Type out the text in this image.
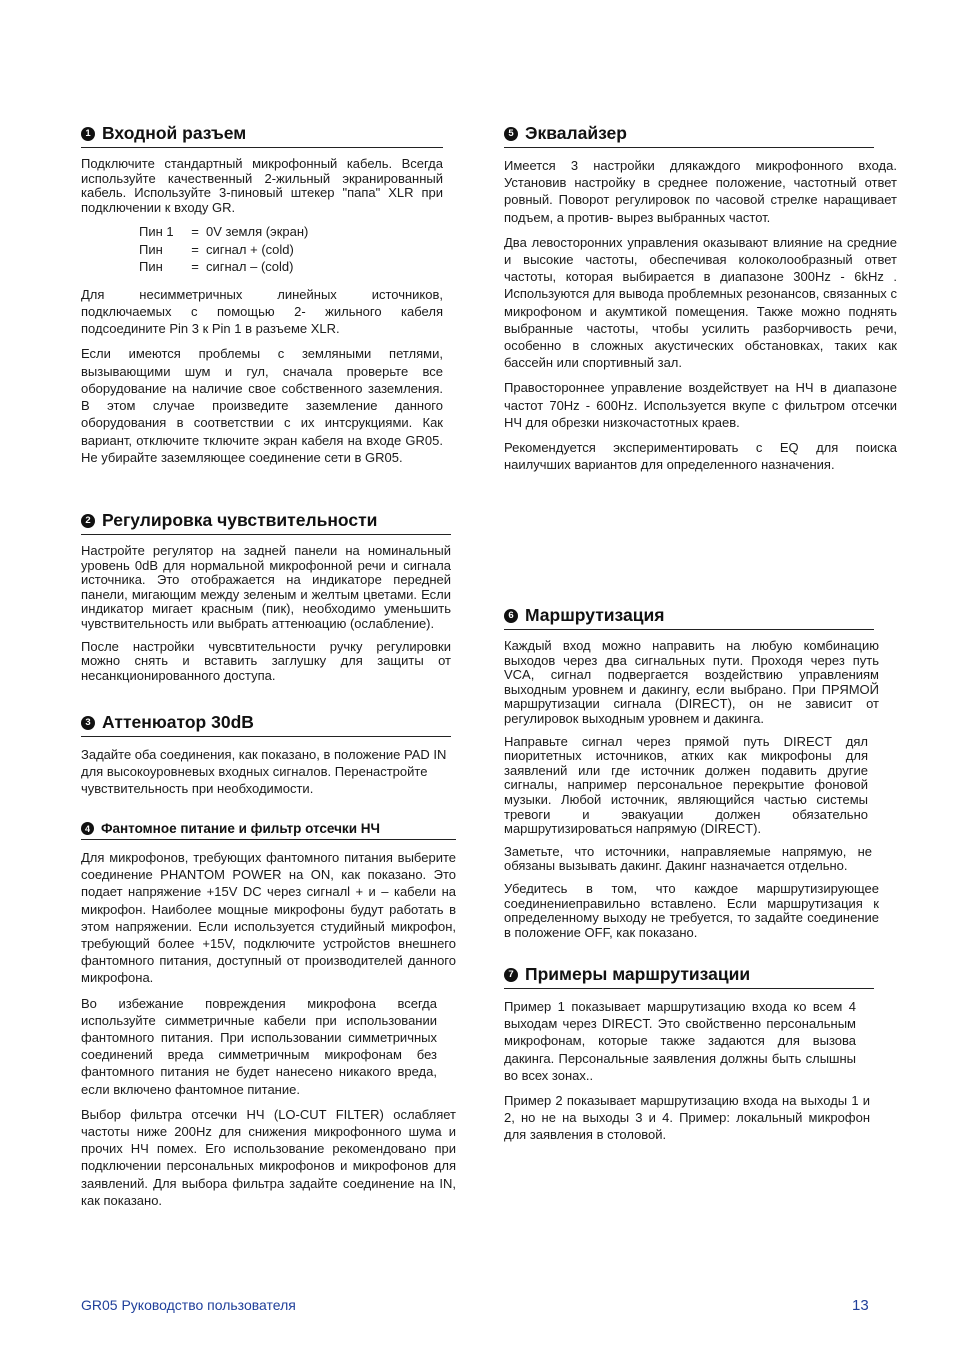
1 Входной разъем

Подключите стандартный микрофонный кабель. Всегда используйте качественный 2-жильный экранированный кабель. Используйте 3-пиновый штекер "папа" XLR при подключении к входу GR.

Пин 1	= 0V земля (экран)
Пин	= сигнал + (cold)
Пин	= сигнал – (cold)

Для несимметричных линейных источников, подключаемых с помощью 2- жильного кабеля подсоедините Pin 3 к Pin 1 в разъеме XLR.

Если имеются проблемы с земляными петлями, вызывающими шум и гул, сначала проверьте все оборудование на наличие свое собственного заземления. В этом случае произведите заземление данного оборудования в соответствии с их интсрукциями. Как вариант, отключите тключите экран кабеля на входе GR05. Не убирайте заземляющее соединение сети в GR05.

2 Регулировка чувствительности

Настройте регулятор на задней панели на номинальный уровень 0dB для нормальной микрофонной речи и сигнала источника. Это отображается на индикаторе передней панели, мигающим между зеленым и желтым цветами. Если индикатор мигает красным (пик), необходимо уменьшить чувствительность или выбрать аттенюацию (ослабление).

После настройки чувсвтительности ручку регулировки можно снять и вставить заглушку для защиты от несанкционированного доступа.

3 Аттенюатор 30dB

Задайте оба соединения, как показано, в положение PAD IN для высокоуровневых входных сигналов. Перенастройте чувствительность при необходимости.

4 Фантомное питание и фильтр отсечки НЧ

Для микрофонов, требующих фантомного питания выберите соединение PHANTOM POWER на ON, как показано. Это подает напряжение +15V DC через сигналl + и – кабели на микрофон. Наиболее мощные микрофоны будут работать в этом напряжении. Если используется студийный микрофон, требующий более +15V, подключите устройстов внешнего фантомного питания, доступный от производителей данного микрофона.

Во избежание повреждения микрофона всегда используйте симметричные кабели при использовании фантомного питания. При использовании симметричных соединений вреда симметричным микрофонам без фантомного питания не будет нанесено никакого вреда, если включено фантомное питание.

Выбор фильтра отсечки НЧ (LO-CUT FILTER) ослабляет частоты ниже 200Hz для снижения микрофонного шума и прочих НЧ помех. Его использование рекомендовано при подключении персональных микрофонов и микрофонов для заявлений. Для выбора фильтра задайте соединение на IN, как показано.

5 Эквалайзер

Имеется 3 настройки длякаждого микрофонного входа. Установив настройку в среднее положение, частотный ответ ровный. Поворот регулировок по часовой стрелке наращивает подъем, а против- вырез выбранных частот.

Два левосторонних управления оказывают влияние на средние и высокие частоты, обеспечивая колоколообразный ответ частоты, которая выбирается в диапазоне 300Hz - 6kHz . Используются для вывода проблемных резонансов, связанных с микрофоном и акумтикой помещения. Также можно поднять выбранные частоты, чтобы усилить разборчивость речи, особенно в сложных акустических обстановках, таких как бассейн или спортивный зал.

Правостороннее управление воздействует на НЧ в диапазоне частот 70Hz - 600Hz. Используется вкупе с фильтром отсечки НЧ для обрезки низкочастотных краев.

Рекомендуется экспериментировать с EQ для поиска наилучших вариантов для определенного назначения.

6 Маршрутизация

Каждый вход можно направить на любую комбинацию выходов через два сигнальных пути. Проходя через путь VCA, сигнал подвергается воздействию управлениям выходным уровнем и дакингу, если выбрано. При ПРЯМОЙ маршрутизации сигнала (DIRECT), он не зависит от регулировок выходным уровнем и дакинга.

Направьте сигнал через прямой путь DIRECT дял пиоритетных источников, атких как микрофоны для заявлений или где источник должен подавить другие сигналы, например персональное перекрытие фоновой музыки. Любой источник, являющийся частью системы тревоги и эвакуации должен обязательно маршрутизироваться напрямую (DIRECT).

Заметьте, что источники, направляемые напрямую, не обязаны вызывать дакинг. Дакинг назначается отдельно.

Убедитесь в том, что каждое маршрутизирующее соединениеправильно вставлено. Если маршрутизация к определенному выходу не требуется, то задайте соединение в положение OFF, как показано.

7 Примеры маршрутизации

Пример 1 показывает маршрутизацию входа ко всем 4 выходам через DIRECT. Это свойственно персональным микрофонам, которые также задаются для вызова дакинга. Персональные заявления должны быть слышны во всех зонах..

Пример 2 показывает маршрутизацию входа на выходы 1 и 2, но не на выходы 3 и 4. Пример: локальный микрофон для заявления в столовой.

GR05 Руководство пользователя	13
